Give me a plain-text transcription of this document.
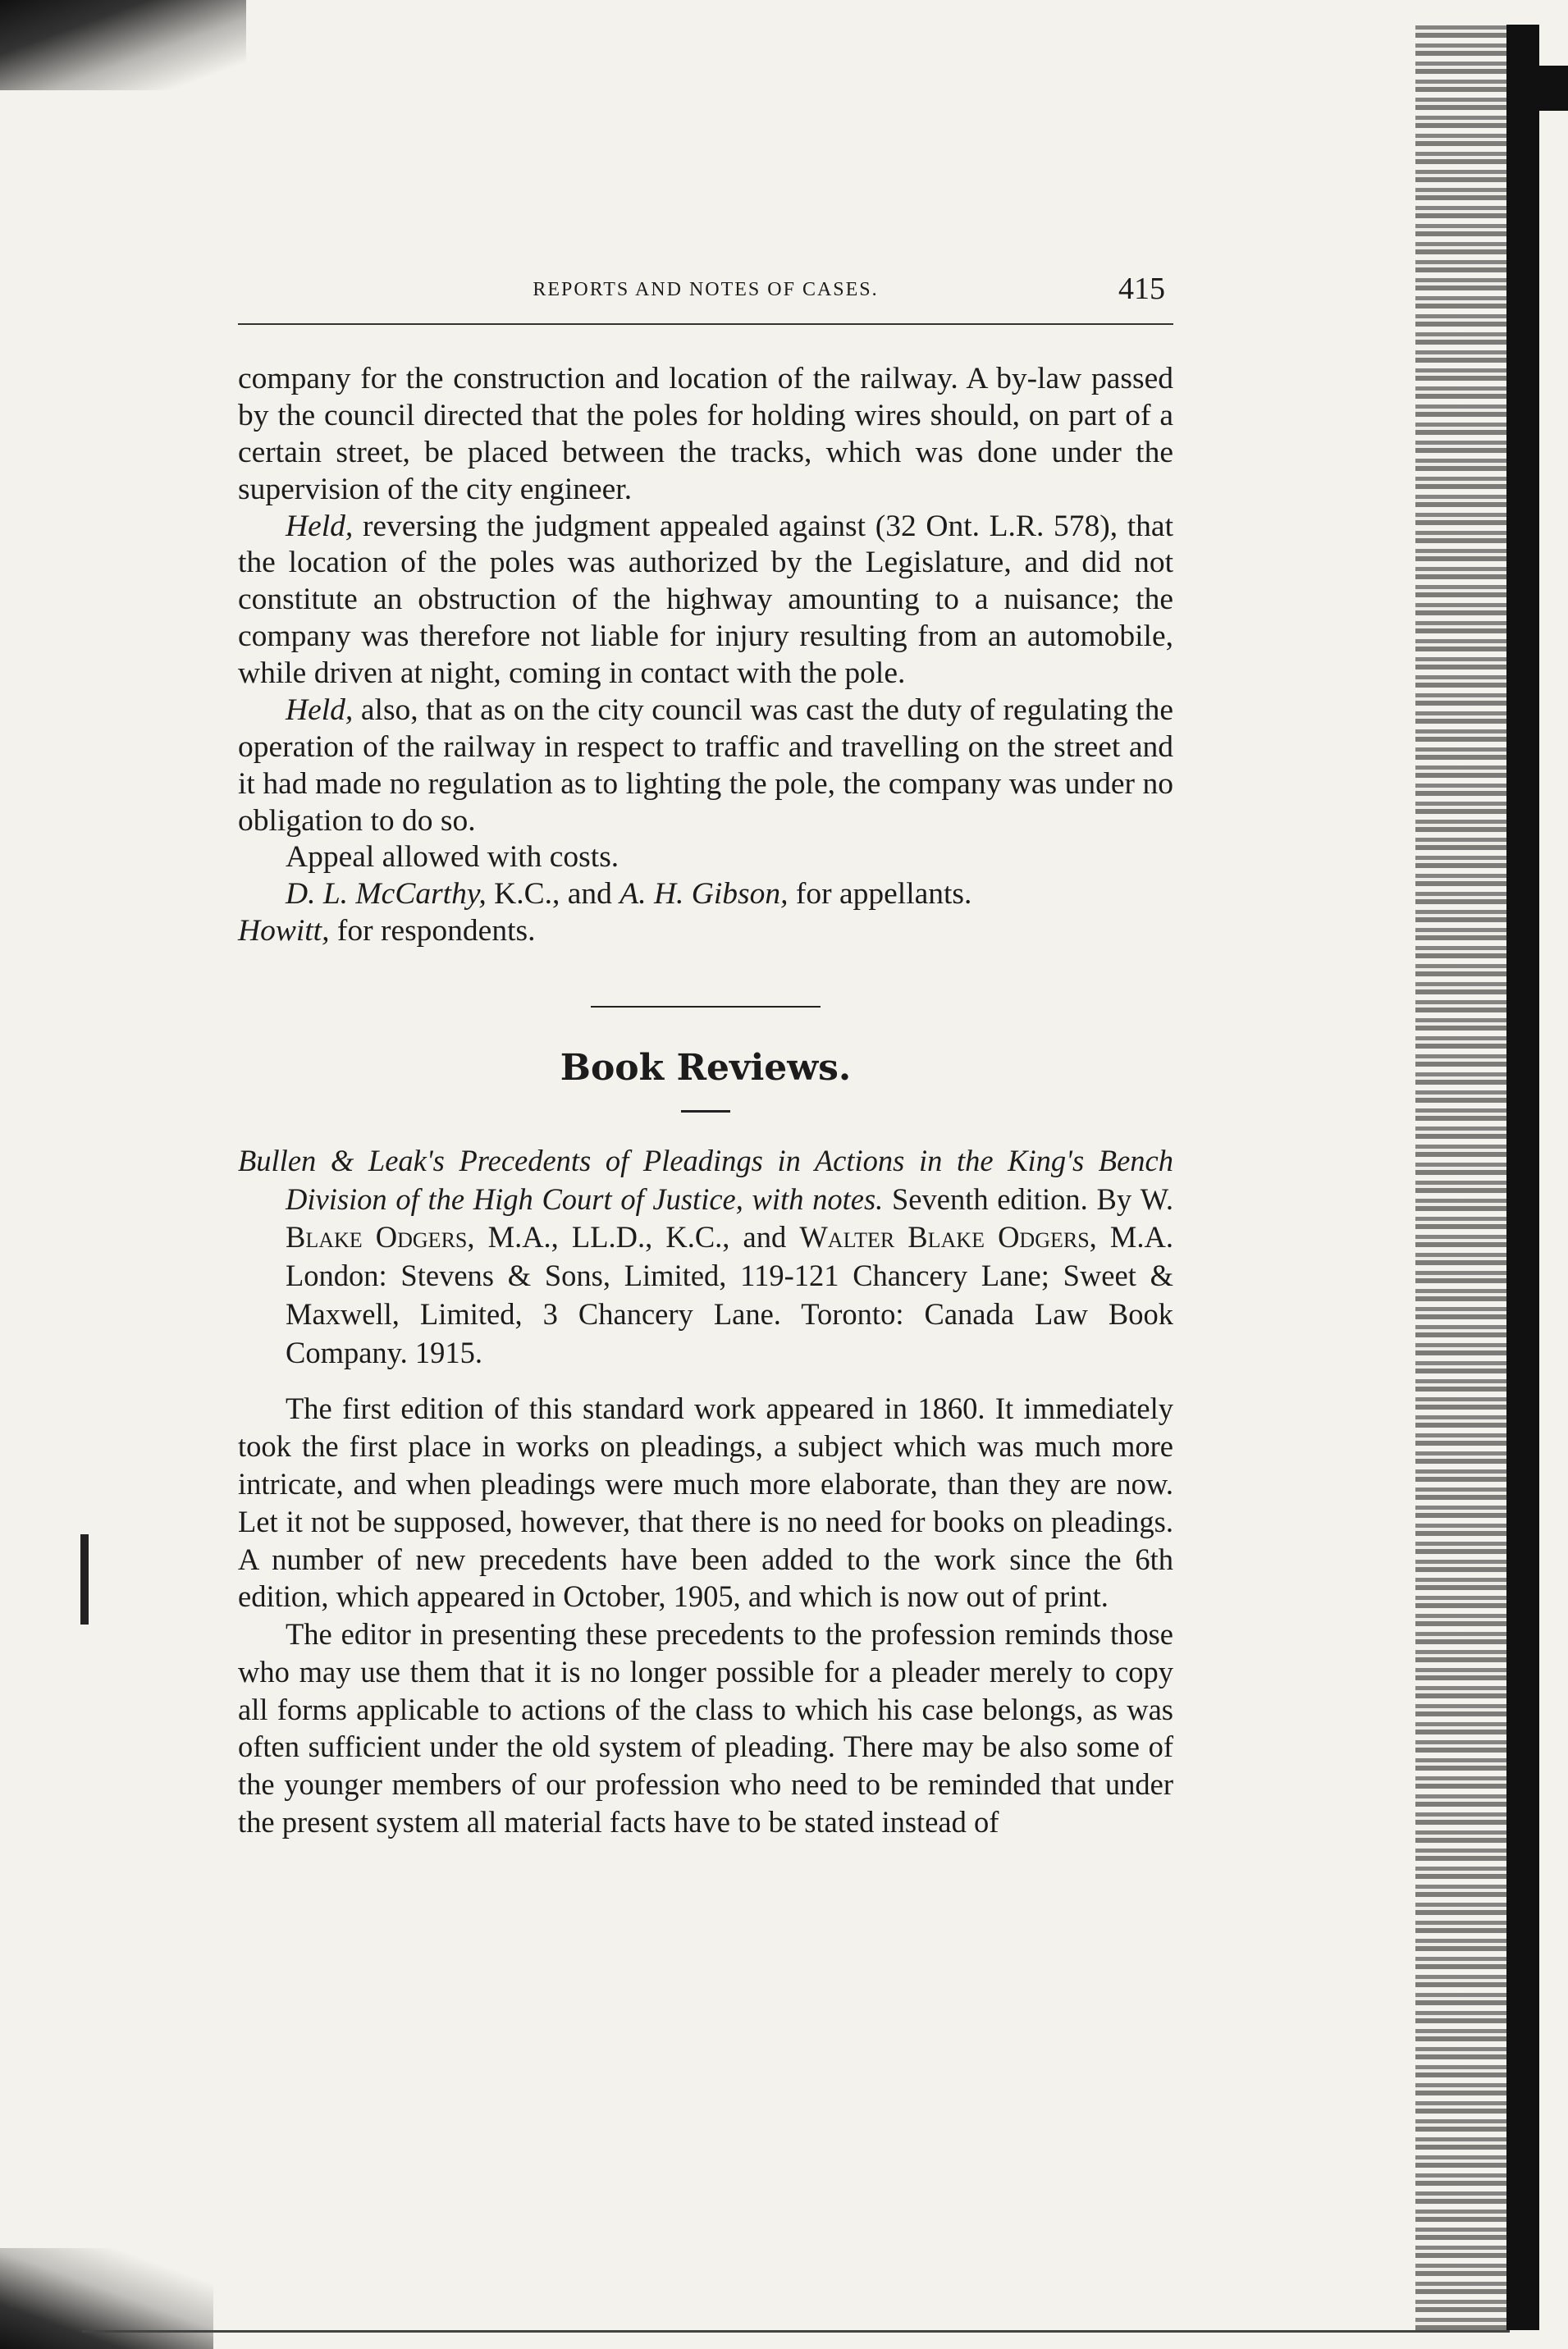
REPORTS AND NOTES OF CASES.	415

company for the construction and location of the railway. A by-law passed by the council directed that the poles for holding wires should, on part of a certain street, be placed between the tracks, which was done under the supervision of the city engineer.

Held, reversing the judgment appealed against (32 Ont. L.R. 578), that the location of the poles was authorized by the Legislature, and did not constitute an obstruction of the highway amounting to a nuisance; the company was therefore not liable for injury resulting from an automobile, while driven at night, coming in contact with the pole.

Held, also, that as on the city council was cast the duty of regulating the operation of the railway in respect to traffic and travelling on the street and it had made no regulation as to lighting the pole, the company was under no obligation to do so.

Appeal allowed with costs.

D. L. McCarthy, K.C., and A. H. Gibson, for appellants.

Howitt, for respondents.

Book Reviews.
Bullen & Leak's Precedents of Pleadings in Actions in the King's Bench Division of the High Court of Justice, with notes. Seventh edition. By W. Blake Odgers, M.A., LL.D., K.C., and Walter Blake Odgers, M.A. London: Stevens & Sons, Limited, 119-121 Chancery Lane; Sweet & Maxwell, Limited, 3 Chancery Lane. Toronto: Canada Law Book Company. 1915.

The first edition of this standard work appeared in 1860. It immediately took the first place in works on pleadings, a subject which was much more intricate, and when pleadings were much more elaborate, than they are now. Let it not be supposed, however, that there is no need for books on pleadings. A number of new precedents have been added to the work since the 6th edition, which appeared in October, 1905, and which is now out of print.

The editor in presenting these precedents to the profession reminds those who may use them that it is no longer possible for a pleader merely to copy all forms applicable to actions of the class to which his case belongs, as was often sufficient under the old system of pleading. There may be also some of the younger members of our profession who need to be reminded that under the present system all material facts have to be stated instead of
